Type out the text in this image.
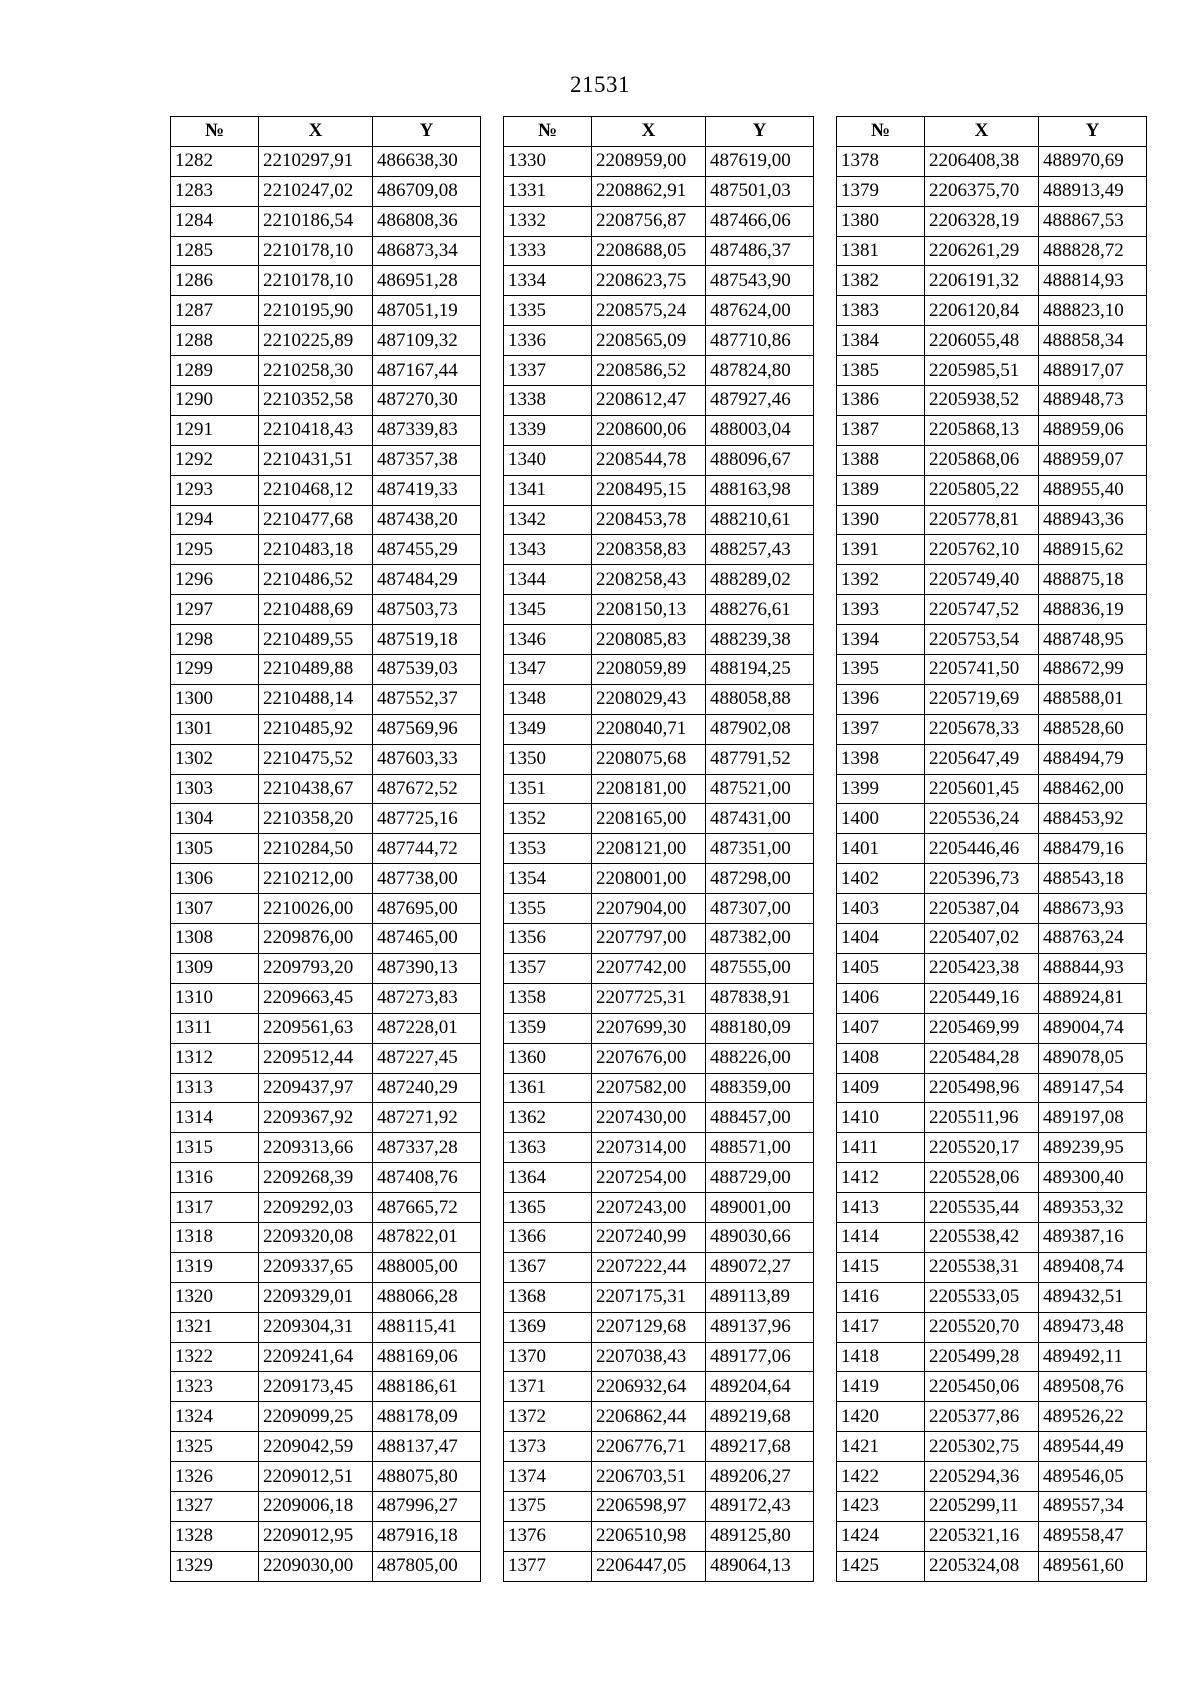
21531
№	X	Y
1282	2210297,91	486638,30
1283	2210247,02	486709,08
1284	2210186,54	486808,36
1285	2210178,10	486873,34
1286	2210178,10	486951,28
1287	2210195,90	487051,19
1288	2210225,89	487109,32
1289	2210258,30	487167,44
1290	2210352,58	487270,30
1291	2210418,43	487339,83
1292	2210431,51	487357,38
1293	2210468,12	487419,33
1294	2210477,68	487438,20
1295	2210483,18	487455,29
1296	2210486,52	487484,29
1297	2210488,69	487503,73
1298	2210489,55	487519,18
1299	2210489,88	487539,03
1300	2210488,14	487552,37
1301	2210485,92	487569,96
1302	2210475,52	487603,33
1303	2210438,67	487672,52
1304	2210358,20	487725,16
1305	2210284,50	487744,72
1306	2210212,00	487738,00
1307	2210026,00	487695,00
1308	2209876,00	487465,00
1309	2209793,20	487390,13
1310	2209663,45	487273,83
1311	2209561,63	487228,01
1312	2209512,44	487227,45
1313	2209437,97	487240,29
1314	2209367,92	487271,92
1315	2209313,66	487337,28
1316	2209268,39	487408,76
1317	2209292,03	487665,72
1318	2209320,08	487822,01
1319	2209337,65	488005,00
1320	2209329,01	488066,28
1321	2209304,31	488115,41
1322	2209241,64	488169,06
1323	2209173,45	488186,61
1324	2209099,25	488178,09
1325	2209042,59	488137,47
1326	2209012,51	488075,80
1327	2209006,18	487996,27
1328	2209012,95	487916,18
1329	2209030,00	487805,00
№	X	Y
1330	2208959,00	487619,00
1331	2208862,91	487501,03
1332	2208756,87	487466,06
1333	2208688,05	487486,37
1334	2208623,75	487543,90
1335	2208575,24	487624,00
1336	2208565,09	487710,86
1337	2208586,52	487824,80
1338	2208612,47	487927,46
1339	2208600,06	488003,04
1340	2208544,78	488096,67
1341	2208495,15	488163,98
1342	2208453,78	488210,61
1343	2208358,83	488257,43
1344	2208258,43	488289,02
1345	2208150,13	488276,61
1346	2208085,83	488239,38
1347	2208059,89	488194,25
1348	2208029,43	488058,88
1349	2208040,71	487902,08
1350	2208075,68	487791,52
1351	2208181,00	487521,00
1352	2208165,00	487431,00
1353	2208121,00	487351,00
1354	2208001,00	487298,00
1355	2207904,00	487307,00
1356	2207797,00	487382,00
1357	2207742,00	487555,00
1358	2207725,31	487838,91
1359	2207699,30	488180,09
1360	2207676,00	488226,00
1361	2207582,00	488359,00
1362	2207430,00	488457,00
1363	2207314,00	488571,00
1364	2207254,00	488729,00
1365	2207243,00	489001,00
1366	2207240,99	489030,66
1367	2207222,44	489072,27
1368	2207175,31	489113,89
1369	2207129,68	489137,96
1370	2207038,43	489177,06
1371	2206932,64	489204,64
1372	2206862,44	489219,68
1373	2206776,71	489217,68
1374	2206703,51	489206,27
1375	2206598,97	489172,43
1376	2206510,98	489125,80
1377	2206447,05	489064,13
№	X	Y
1378	2206408,38	488970,69
1379	2206375,70	488913,49
1380	2206328,19	488867,53
1381	2206261,29	488828,72
1382	2206191,32	488814,93
1383	2206120,84	488823,10
1384	2206055,48	488858,34
1385	2205985,51	488917,07
1386	2205938,52	488948,73
1387	2205868,13	488959,06
1388	2205868,06	488959,07
1389	2205805,22	488955,40
1390	2205778,81	488943,36
1391	2205762,10	488915,62
1392	2205749,40	488875,18
1393	2205747,52	488836,19
1394	2205753,54	488748,95
1395	2205741,50	488672,99
1396	2205719,69	488588,01
1397	2205678,33	488528,60
1398	2205647,49	488494,79
1399	2205601,45	488462,00
1400	2205536,24	488453,92
1401	2205446,46	488479,16
1402	2205396,73	488543,18
1403	2205387,04	488673,93
1404	2205407,02	488763,24
1405	2205423,38	488844,93
1406	2205449,16	488924,81
1407	2205469,99	489004,74
1408	2205484,28	489078,05
1409	2205498,96	489147,54
1410	2205511,96	489197,08
1411	2205520,17	489239,95
1412	2205528,06	489300,40
1413	2205535,44	489353,32
1414	2205538,42	489387,16
1415	2205538,31	489408,74
1416	2205533,05	489432,51
1417	2205520,70	489473,48
1418	2205499,28	489492,11
1419	2205450,06	489508,76
1420	2205377,86	489526,22
1421	2205302,75	489544,49
1422	2205294,36	489546,05
1423	2205299,11	489557,34
1424	2205321,16	489558,47
1425	2205324,08	489561,60
